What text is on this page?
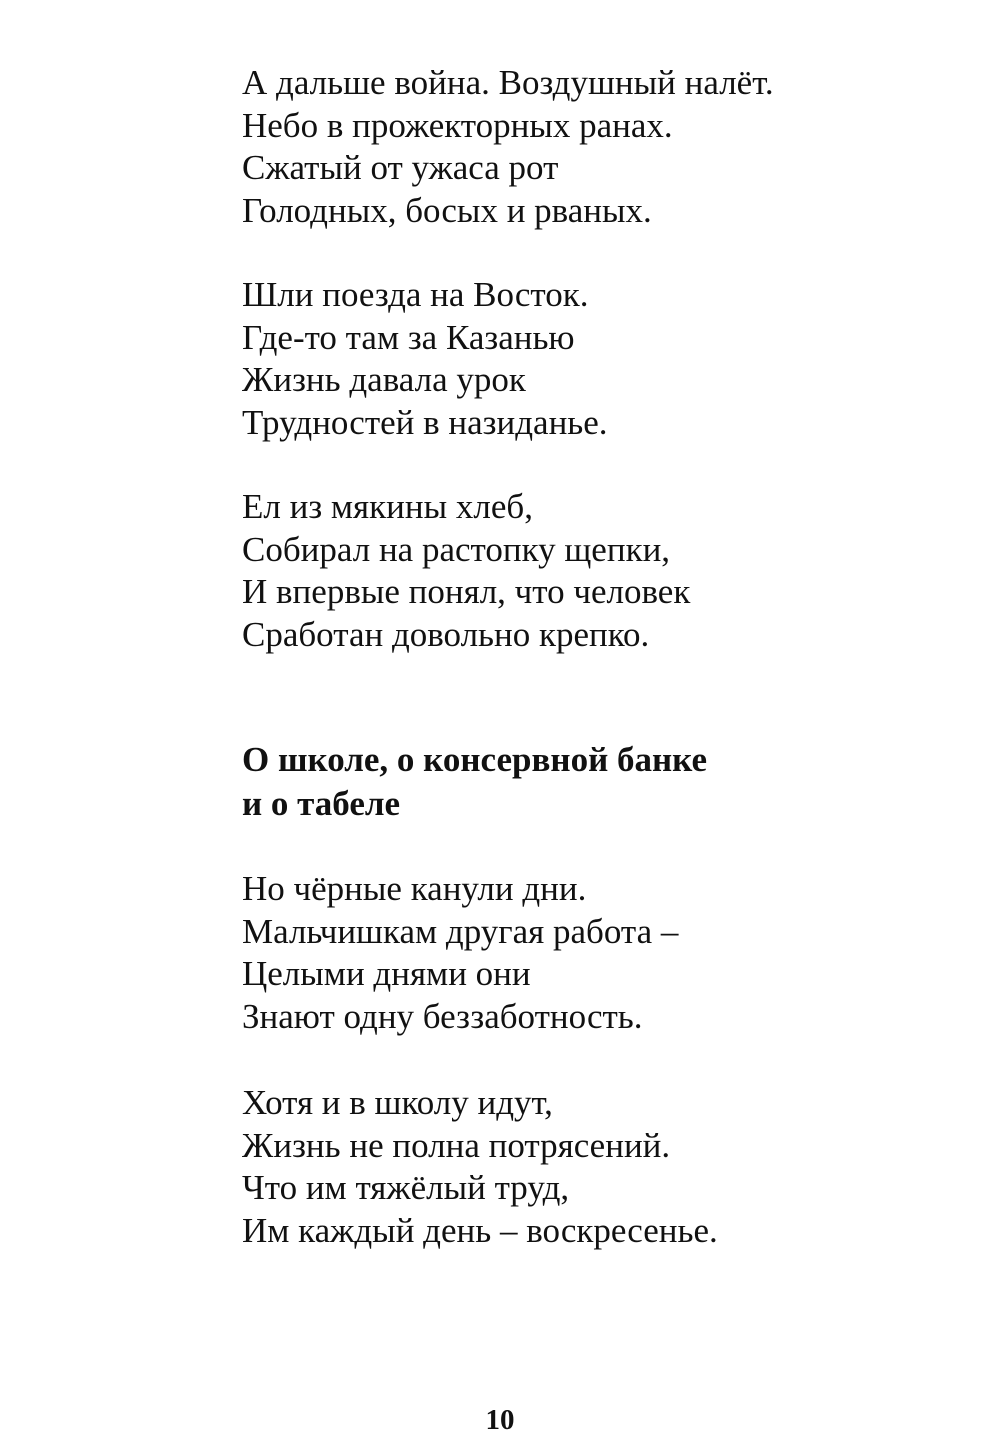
А дальше война. Воздушный налёт.
Небо в прожекторных ранах.
Сжатый от ужаса рот
Голодных, босых и рваных.
Шли поезда на Восток.
Где-то там за Казанью
Жизнь давала урок
Трудностей в назиданье.
Ел из мякины хлеб,
Собирал на растопку щепки,
И впервые понял, что человек
Сработан довольно крепко.
О школе, о консервной банке
и о табеле
Но чёрные канули дни.
Мальчишкам другая работа –
Целыми днями они
Знают одну беззаботность.
Хотя и в школу идут,
Жизнь не полна потрясений.
Что им тяжёлый труд,
Им каждый день – воскресенье.
10
